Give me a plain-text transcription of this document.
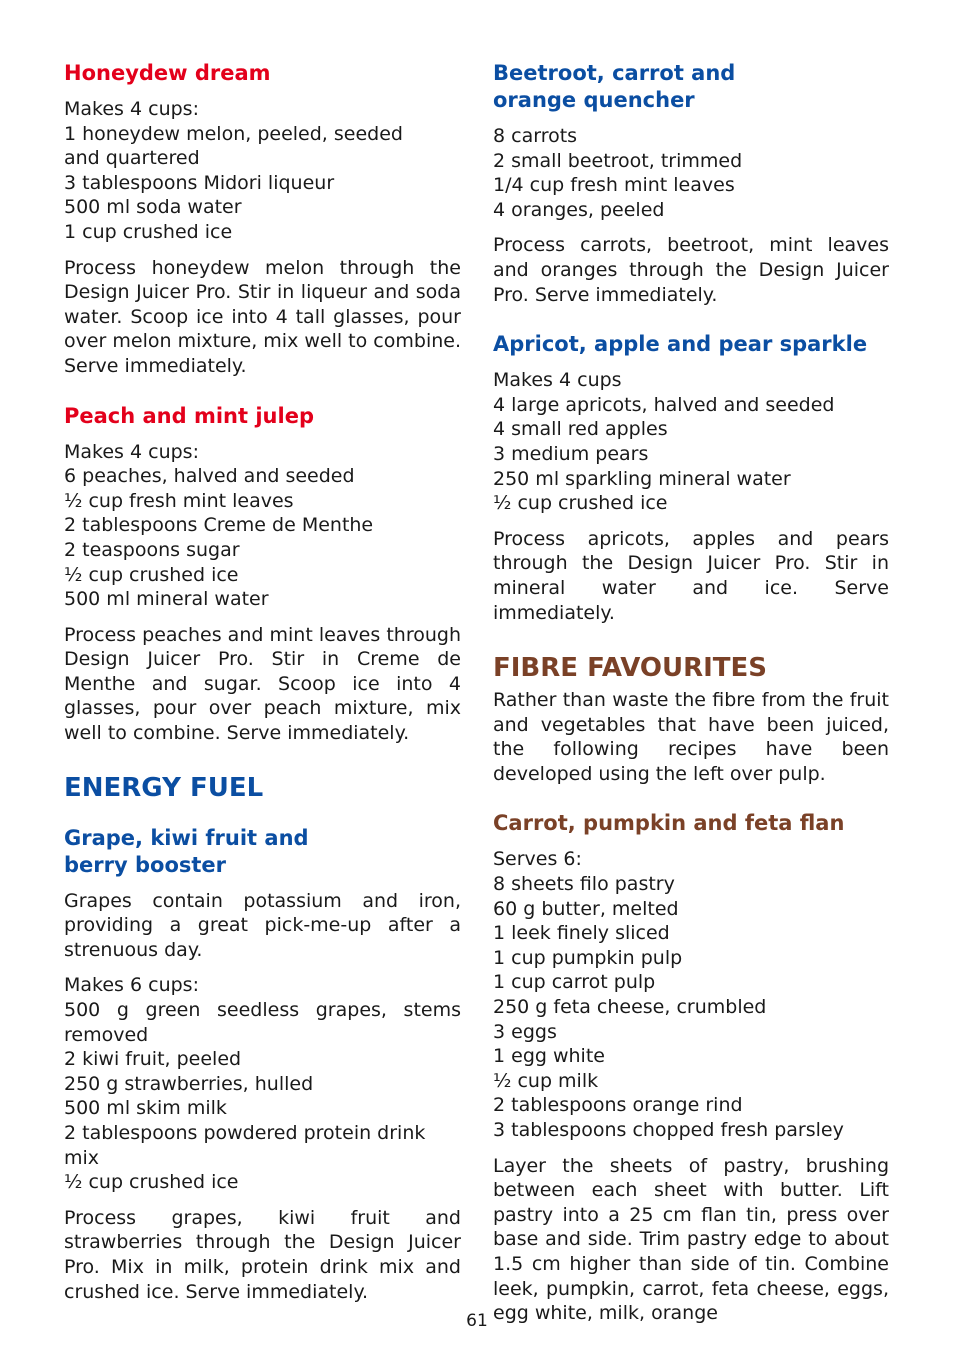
Honeydew dream
Makes 4 cups:
1 honeydew melon, peeled, seeded
and quartered
3 tablespoons Midori liqueur
500 ml soda water
1 cup crushed ice

Process honeydew melon through the Design Juicer Pro. Stir in liqueur and soda water. Scoop ice into 4 tall glasses, pour over melon mixture, mix well to combine. Serve immediately.

Peach and mint julep
Makes 4 cups:
6 peaches, halved and seeded
½ cup fresh mint leaves
2 tablespoons Creme de Menthe
2 teaspoons sugar
½ cup crushed ice
500 ml mineral water

Process peaches and mint leaves through Design Juicer Pro. Stir in Creme de Menthe and sugar. Scoop ice into 4 glasses, pour over peach mixture, mix well to combine. Serve immediately.

ENERGY FUEL
Grape, kiwi fruit and
berry booster

Grapes contain potassium and iron, providing a great pick-me-up after a strenuous day.

Makes 6 cups:
500 g green seedless grapes, stems removed
2 kiwi fruit, peeled
250 g strawberries, hulled
500 ml skim milk
2 tablespoons powdered protein drink mix
½ cup crushed ice

Process grapes, kiwi fruit and strawberries through the Design Juicer Pro. Mix in milk, protein drink mix and crushed ice. Serve immediately.

Beetroot, carrot and
orange quencher
8 carrots
2 small beetroot, trimmed
1/4 cup fresh mint leaves
4 oranges, peeled

Process carrots, beetroot, mint leaves and oranges through the Design Juicer Pro. Serve immediately.

Apricot, apple and pear sparkle
Makes 4 cups
4 large apricots, halved and seeded
4 small red apples
3 medium pears
250 ml sparkling mineral water
½ cup crushed ice

Process apricots, apples and pears through the Design Juicer Pro. Stir in mineral water and ice. Serve immediately.

FIBRE FAVOURITES

Rather than waste the fibre from the fruit and vegetables that have been juiced, the following recipes have been developed using the left over pulp.

Carrot, pumpkin and feta flan
Serves 6:
8 sheets filo pastry
60 g butter, melted
1 leek finely sliced
1 cup pumpkin pulp
1 cup carrot pulp
250 g feta cheese, crumbled
3 eggs
1 egg white
½ cup milk
2 tablespoons orange rind
3 tablespoons chopped fresh parsley

Layer the sheets of pastry, brushing between each sheet with butter. Lift pastry into a 25 cm flan tin, press over base and side. Trim pastry edge to about 1.5 cm higher than side of tin. Combine leek, pumpkin, carrot, feta cheese, eggs, egg white, milk, orange

61
